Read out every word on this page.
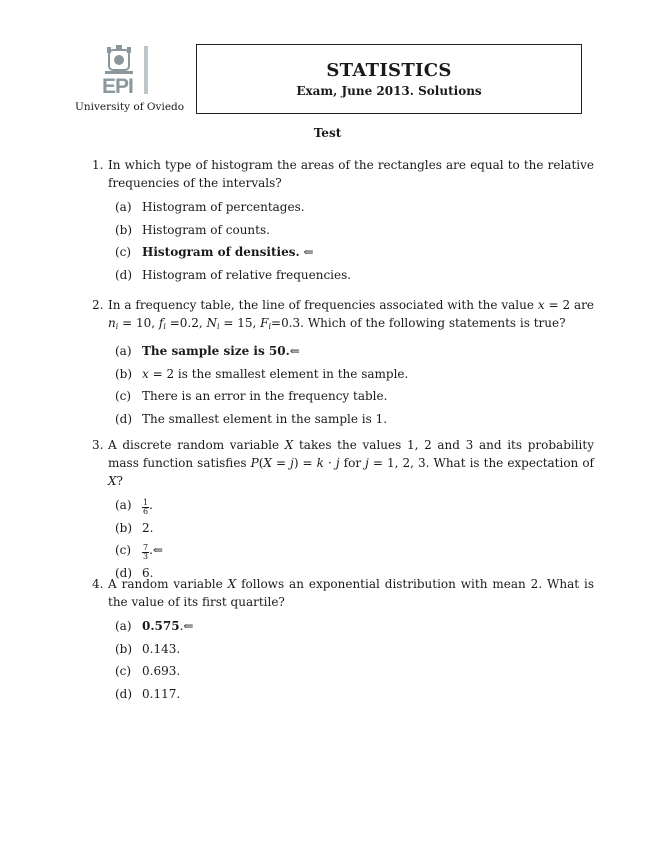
EPI
University of Oviedo
STATISTICS
Exam, June 2013. Solutions
Test
1. In which type of histogram the areas of the rectangles are equal to the relative frequencies of the intervals?
(a) Histogram of percentages.
(b) Histogram of counts.
(c) Histogram of densities. ⇐
(d) Histogram of relative frequencies.
2. In a frequency table, the line of frequencies associated with the value x = 2 are $n_i = 10$, $f_i =0.2$, $N_i = 15$, $F_i=0.3$. Which of the following statements is true?
(a) The sample size is 50.⇐
(b) x = 2 is the smallest element in the sample.
(c) There is an error in the frequency table.
(d) The smallest element in the sample is 1.
3. A discrete random variable X takes the values 1, 2 and 3 and its probability mass function satisfies P(X = j) = k · j for j = 1, 2, 3. What is the expectation of X?
$(a) \frac{1}{6}$ .
(b) 2.
$(c) \frac{7}{3}$ .⇐
(d) 6.
4. A random variable X follows an exponential distribution with mean 2. What is the value of its first quartile?
(a) 0.575.⇐
(b) 0.143.
(c) 0.693.
(d) 0.117.
